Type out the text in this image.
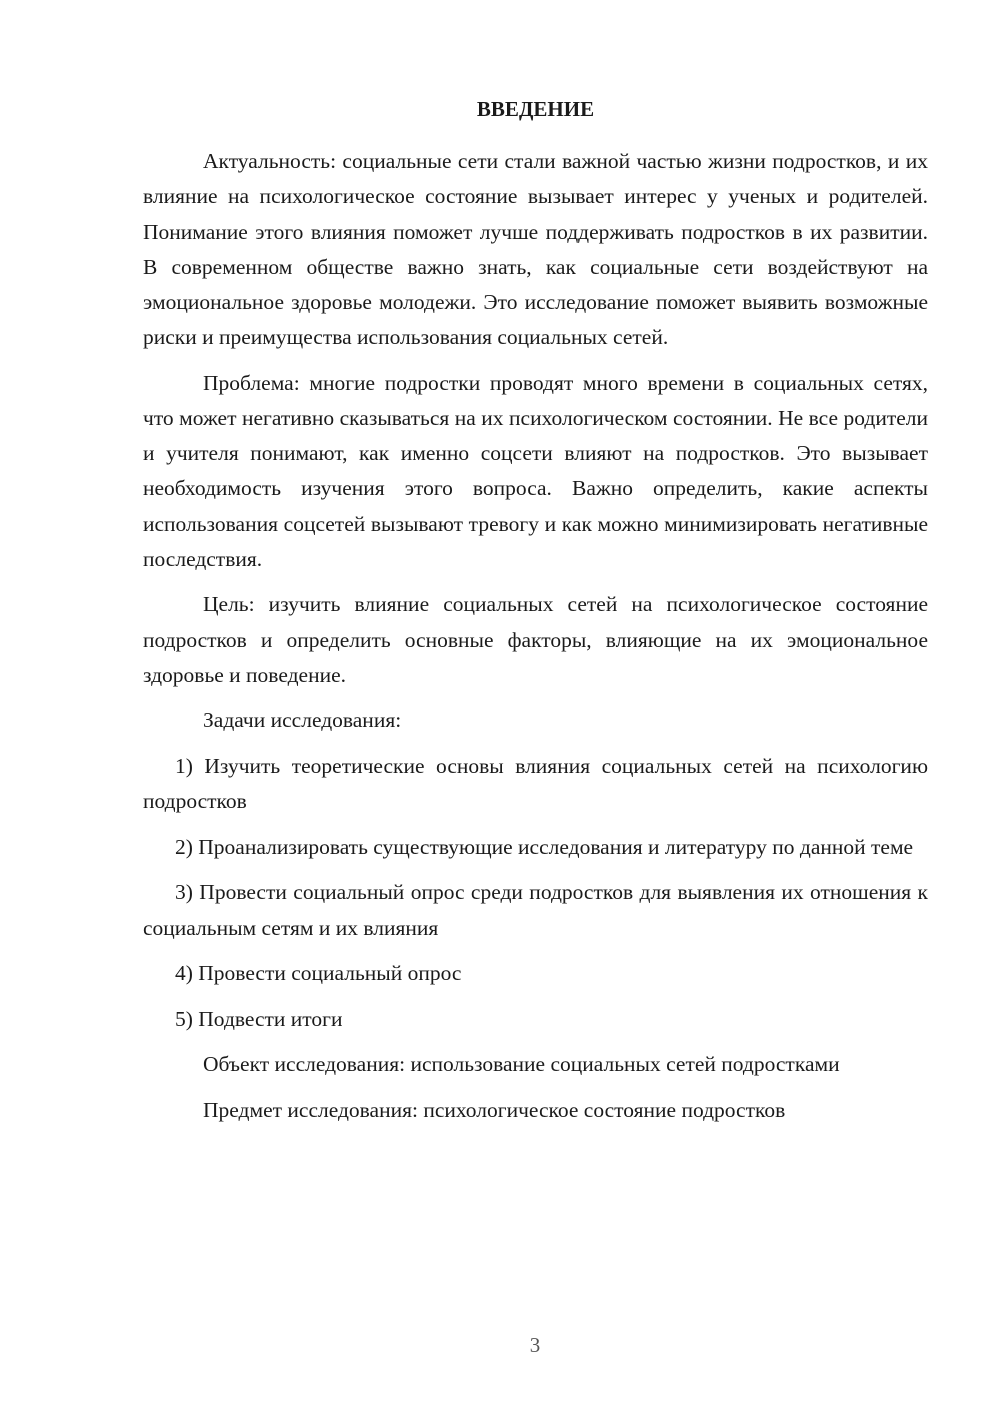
ВВЕДЕНИЕ

Актуальность: социальные сети стали важной частью жизни подростков, и их влияние на психологическое состояние вызывает интерес у ученых и родителей. Понимание этого влияния поможет лучше поддерживать подростков в их развитии. В современном обществе важно знать, как социальные сети воздействуют на эмоциональное здоровье молодежи. Это исследование поможет выявить возможные риски и преимущества использования социальных сетей.

Проблема: многие подростки проводят много времени в социальных сетях, что может негативно сказываться на их психологическом состоянии. Не все родители и учителя понимают, как именно соцсети влияют на подростков. Это вызывает необходимость изучения этого вопроса. Важно определить, какие аспекты использования соцсетей вызывают тревогу и как можно минимизировать негативные последствия.

Цель: изучить влияние социальных сетей на психологическое состояние подростков и определить основные факторы, влияющие на их эмоциональное здоровье и поведение.

Задачи исследования:

1) Изучить теоретические основы влияния социальных сетей на психологию подростков

2) Проанализировать существующие исследования и литературу по данной теме

3) Провести социальный опрос среди подростков для выявления их отношения к социальным сетям и их влияния

4) Провести социальный опрос

5) Подвести итоги

Объект исследования: использование социальных сетей подростками

Предмет исследования: психологическое состояние подростков

3
